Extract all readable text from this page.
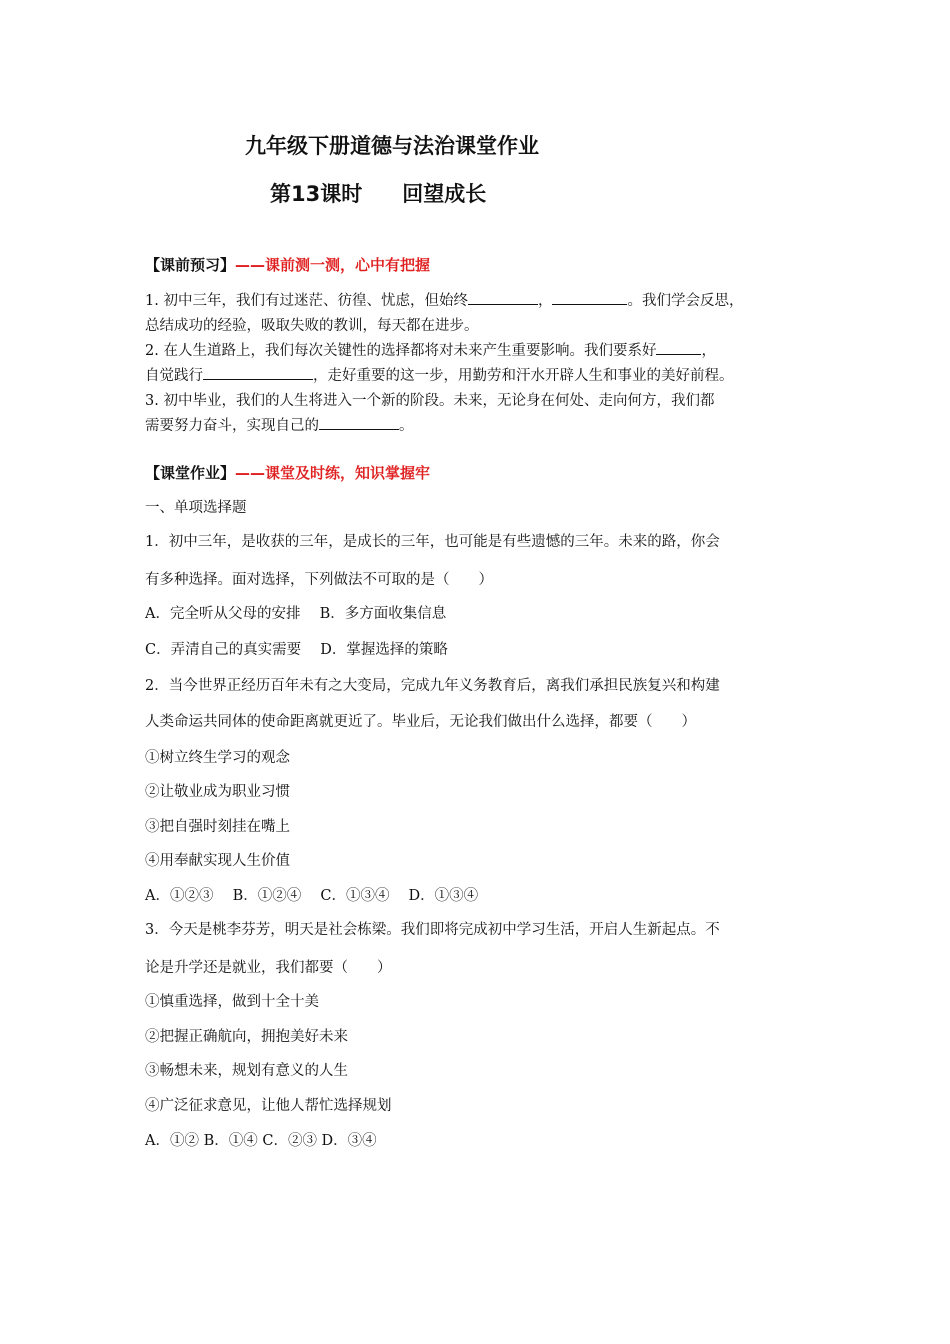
九年级下册道德与法治课堂作业
第13课时 回望成长
【课前预习】——课前测一测，心中有把握
1. 初中三年，我们有过迷茫、彷徨、忧虑，但始终	，	。我们学会反思，
总结成功的经验，吸取失败的教训，每天都在进步。
2. 在人生道路上，我们每次关键性的选择都将对未来产生重要影响。我们要系好	，
自觉践行	，走好重要的这一步，用勤劳和汗水开辟人生和事业的美好前程。
3. 初中毕业，我们的人生将进入一个新的阶段。未来，无论身在何处、走向何方，我们都
需要努力奋斗，实现自己的	。
【课堂作业】——课堂及时练，知识掌握牢
一、单项选择题
1．初中三年，是收获的三年，是成长的三年，也可能是有些遗憾的三年。未来的路，你会
有多种选择。面对选择，下列做法不可取的是（　　）
A．完全听从父母的安排　 B．多方面收集信息
C．弄清自己的真实需要　 D．掌握选择的策略
2．当今世界正经历百年未有之大变局，完成九年义务教育后，离我们承担民族复兴和构建
人类命运共同体的使命距离就更近了。毕业后，无论我们做出什么选择，都要（　　）
①树立终生学习的观念
②让敬业成为职业习惯
③把自强时刻挂在嘴上
④用奉献实现人生价值
A．①②③　 B．①②④　 C．①③④　 D．①③④
3．今天是桃李芬芳，明天是社会栋梁。我们即将完成初中学习生活，开启人生新起点。不
论是升学还是就业，我们都要（　　）
①慎重选择，做到十全十美
②把握正确航向，拥抱美好未来
③畅想未来，规划有意义的人生
④广泛征求意见，让他人帮忙选择规划
A．①② B．①④ C．②③ D．③④
